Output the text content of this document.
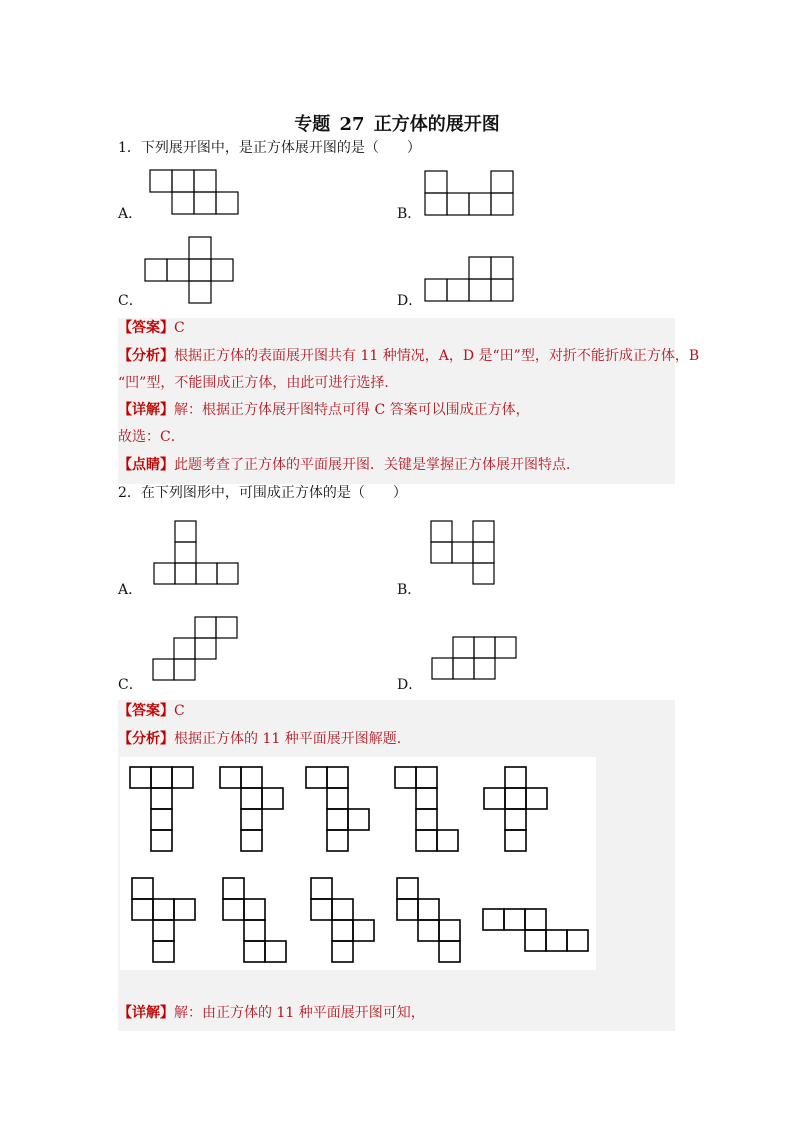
专题 27 正方体的展开图
1．下列展开图中，是正方体展开图的是（　　）
A．	B．
C．	D．
【答案】C
【分析】根据正方体的表面展开图共有 11 种情况，A，D 是“田”型，对折不能折成正方体，B
“凹”型，不能围成正方体，由此可进行选择．
【详解】解：根据正方体展开图特点可得 C 答案可以围成正方体，
故选：C．
【点睛】此题考查了正方体的平面展开图．关键是掌握正方体展开图特点．
2．在下列图形中，可围成正方体的是（　　）
A．	B．
C．	D．
【答案】C
【分析】根据正方体的 11 种平面展开图解题．
【详解】解：由正方体的 11 种平面展开图可知，
